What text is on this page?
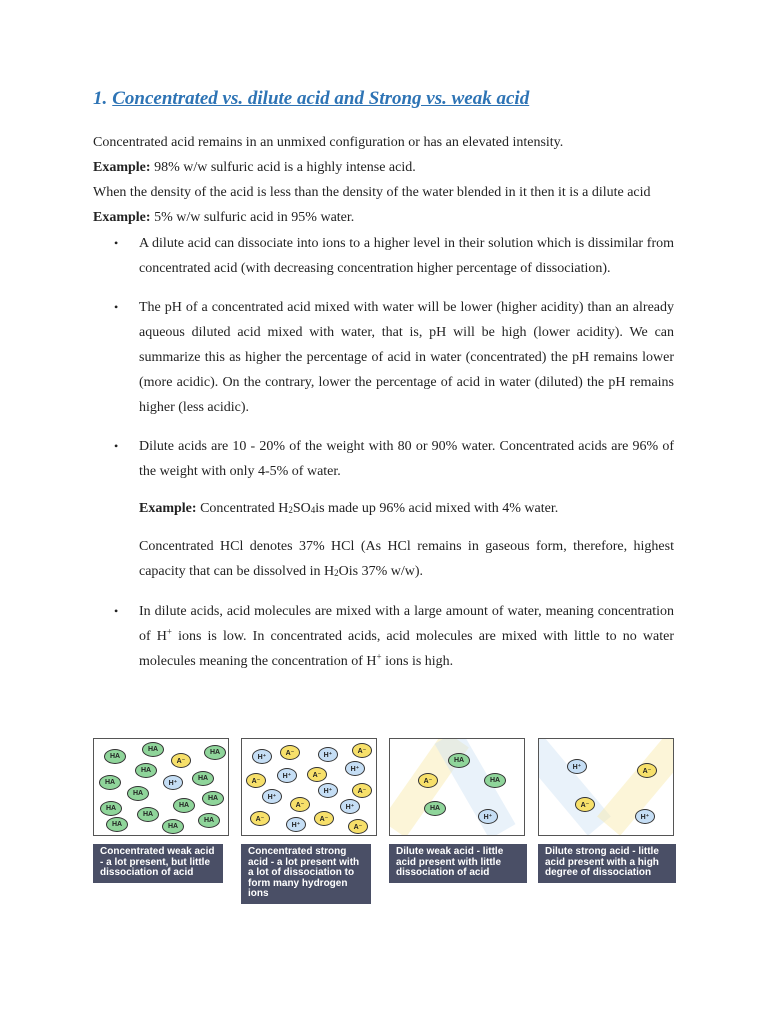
1. Concentrated vs. dilute acid and Strong vs. weak acid

Concentrated acid remains in an unmixed configuration or has an elevated intensity.

Example: 98% w/w sulfuric acid is a highly intense acid.

When the density of the acid is less than the density of the water blended in it then it is a dilute acid

Example: 5% w/w sulfuric acid in 95% water.

• A dilute acid can dissociate into ions to a higher level in their solution which is dissimilar from concentrated acid (with decreasing concentration higher percentage of dissociation).
• The pH of a concentrated acid mixed with water will be lower (higher acidity) than an already aqueous diluted acid mixed with water, that is, pH will be high (lower acidity). We can summarize this as higher the percentage of acid in water (concentrated) the pH remains lower (more acidic). On the contrary, lower the percentage of acid in water (diluted) the pH remains higher (less acidic).
• Dilute acids are 10 - 20% of the weight with 80 or 90% water. Concentrated acids are 96% of the weight with only 4-5% of water.
Example: Concentrated $H_2SO_4is$ made up 96% acid mixed with 4% water.
Concentrated HCl denotes 37% HCl (As HCl remains in gaseous form, therefore, highest capacity that can be dissolved in $H_2Ois$ 37% w/w).
• In dilute acids, acid molecules are mixed with a large amount of water, meaning concentration of H+ ions is low. In concentrated acids, acid molecules are mixed with little to no water molecules meaning the concentration of H+ ions is high.
HA
HA	HA
A⁻
HA
HA	H⁺
HA
HA
HA
HA
HA
HA
HA	HA
HA
Concentrated weak acid - a lot present, but little dissociation of acid
H⁺
A⁻	H⁺
A⁻
H⁺
H⁺	A⁻
A⁻
H⁺	A⁻
H⁺
A⁻	H⁺
A⁻
H⁺
A⁻
A⁻
Concentrated strong acid - a lot present with a lot of dissociation to form many hydrogen ions
HA
A⁻	HA
HA
H⁺
Dilute weak acid - little acid present with little dissociation of acid
H⁺
A⁻
A⁻
H⁺
Dilute strong acid - little acid present with a high degree of dissociation
